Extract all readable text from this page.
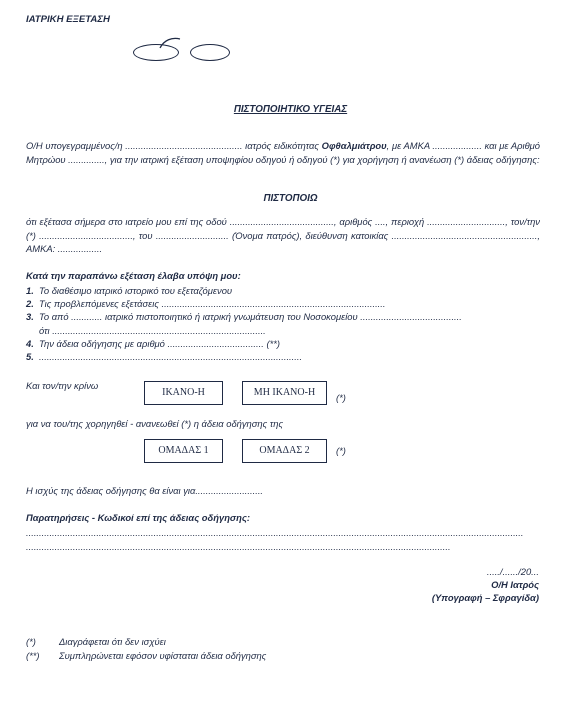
ΙΑΤΡΙΚΗ ΕΞΕΤΑΣΗ
ΠΙΣΤΟΠΟΙΗΤΙΚΟ ΥΓΕΙΑΣ
Ο/Η υπογεγραμμένος/η ............................................. ιατρός ειδικότητας Οφθαλμιάτρου, με ΑΜΚΑ ................... και με Αριθμό Μητρώου .............., για την ιατρική εξέταση υποψηφίου οδηγού ή οδηγού (*) για χορήγηση ή ανανέωση (*) άδειας οδήγησης:
ΠΙΣΤΟΠΟΙΩ
ότι εξέτασα σήμερα στο ιατρείο μου επί της οδού ........................................, αριθμός ...., περιοχή .............................., τον/την (*) ...................................., του ............................ (Όνομα πατρός), διεύθυνση κατοικίας ........................................................, ΑΜΚΑ: .................
Κατά την παραπάνω εξέταση έλαβα υπόψη μου:
1. Το διαθέσιμο ιατρικό ιστορικό του εξεταζόμενου
2. Τις προβλεπόμενες εξετάσεις ......................................................................................
3. Το από ............ ιατρικό πιστοποιητικό ή ιατρική γνωμάτευση του Νοσοκομείου .......................................
ότι ..................................................................................
4. Την άδεια οδήγησης με αριθμό ..................................... (**)
5. .....................................................................................................
Και τον/την κρίνω
ΙΚΑΝΟ-Η	ΜΗ ΙΚΑΝΟ-Η	(*)
για να του/της χορηγηθεί - ανανεωθεί (*) η άδεια οδήγησης της
ΟΜΑΔΑΣ 1	ΟΜΑΔΑΣ 2	(*)
Η ισχύς της άδειας οδήγησης θα είναι για..........................
Παρατηρήσεις - Κωδικοί επί της άδειας οδήγησης:
...............................................................................................................................................................................................
...................................................................................................................................................................
...../....../20...
Ο/Η Ιατρός
(Υπογραφή – Σφραγίδα)
(*) Διαγράφεται ότι δεν ισχύει
(**) Συμπληρώνεται εφόσον υφίσταται άδεια οδήγησης
